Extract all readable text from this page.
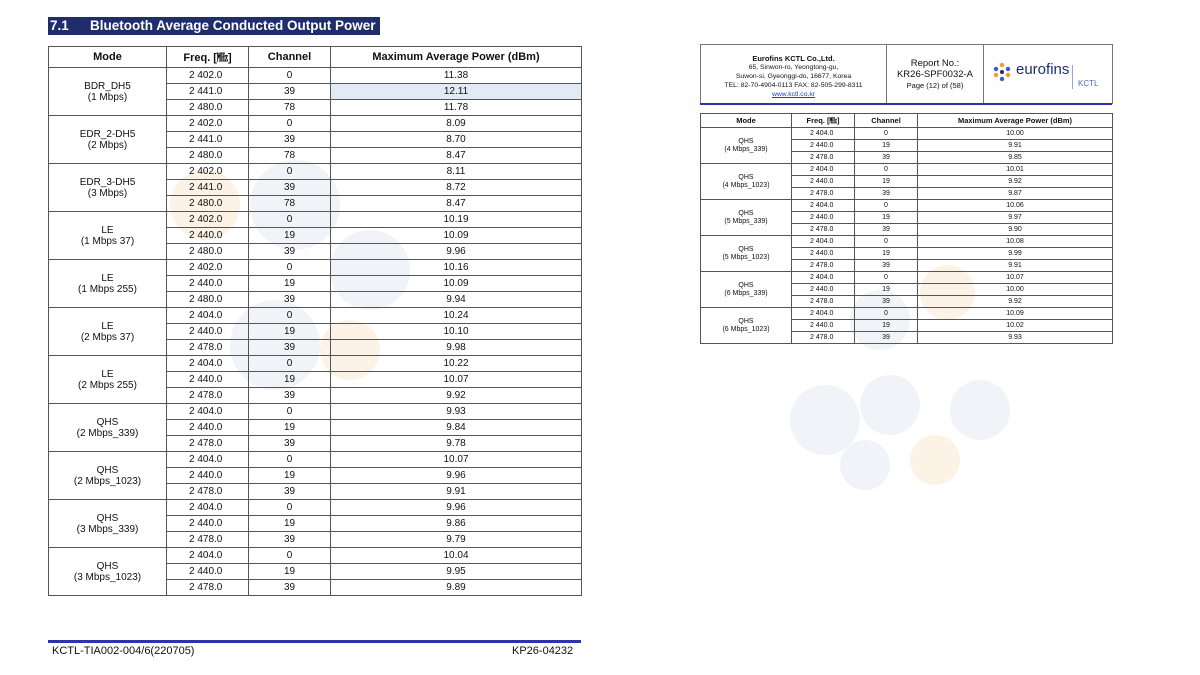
7.1 Bluetooth Average Conducted Output Power
Mode	Freq. [㎒]	Channel	Maximum Average Power (dBm)

BDR_DH5
(1 Mbps)	2 402.0	0	11.38
	2 441.0	39	12.11
	2 480.0	78	11.78

EDR_2-DH5
(2 Mbps)	2 402.0	0	8.09
	2 441.0	39	8.70
	2 480.0	78	8.47

EDR_3-DH5
(3 Mbps)	2 402.0	0	8.11
	2 441.0	39	8.72
	2 480.0	78	8.47

LE
(1 Mbps 37)	2 402.0	0	10.19
	2 440.0	19	10.09
	2 480.0	39	9.96

LE
(1 Mbps 255)	2 402.0	0	10.16
	2 440.0	19	10.09
	2 480.0	39	9.94

LE
(2 Mbps 37)	2 404.0	0	10.24
	2 440.0	19	10.10
	2 478.0	39	9.98

LE
(2 Mbps 255)	2 404.0	0	10.22
	2 440.0	19	10.07
	2 478.0	39	9.92

QHS
(2 Mbps_339)	2 404.0	0	9.93
	2 440.0	19	9.84
	2 478.0	39	9.78

QHS
(2 Mbps_1023)	2 404.0	0	10.07
	2 440.0	19	9.96
	2 478.0	39	9.91

QHS
(3 Mbps_339)	2 404.0	0	9.96
	2 440.0	19	9.86
	2 478.0	39	9.79

QHS
(3 Mbps_1023)	2 404.0	0	10.04
	2 440.0	19	9.95
	2 478.0	39	9.89
KCTL-TIA002-004/6(220705)	KP26-04232
Eurofins KCTL Co.,Ltd.
65, Sinwon-ro, Yeongtong-gu,
Suwon-si, Gyeonggi-do, 16677, Korea
TEL: 82-70-4904-0113 FAX: 82-505-299-8311
www.kctl.co.kr
Report No.:
KR26-SPF0032-A
Page (12) of (58)
eurofins
KCTL
Mode	Freq. [㎒]	Channel	Maximum Average Power (dBm)

QHS
(4 Mbps_339)	2 404.0	0	10.00
	2 440.0	19	9.91
	2 478.0	39	9.85

QHS
(4 Mbps_1023)	2 404.0	0	10.01
	2 440.0	19	9.92
	2 478.0	39	9.87

QHS
(5 Mbps_339)	2 404.0	0	10.06
	2 440.0	19	9.97
	2 478.0	39	9.90

QHS
(5 Mbps_1023)	2 404.0	0	10.08
	2 440.0	19	9.99
	2 478.0	39	9.91

QHS
(6 Mbps_339)	2 404.0	0	10.07
	2 440.0	19	10.00
	2 478.0	39	9.92

QHS
(6 Mbps_1023)	2 404.0	0	10.09
	2 440.0	19	10.02
	2 478.0	39	9.93
